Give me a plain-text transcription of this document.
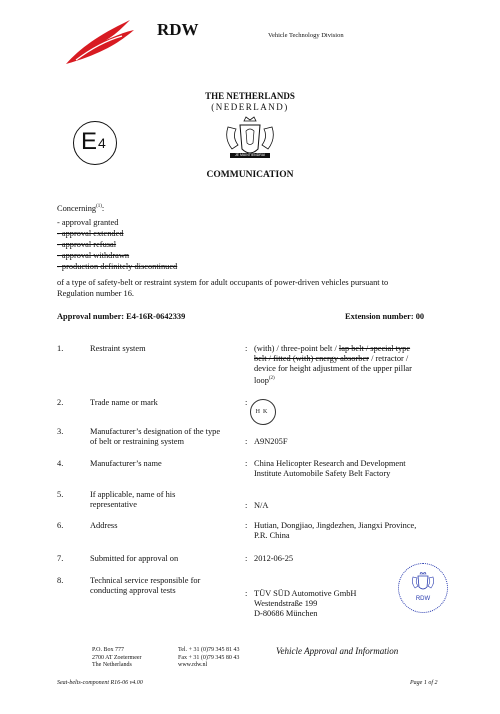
RDW	Vehicle Technology Division
THE NETHERLANDS
(NEDERLAND)
E 4
JE MAINTIENDRAI
COMMUNICATION
Concerning$^{(1)}$:
- approval granted
- approval extended
- approval refusal
- approval withdrawn
- production definitely discontinued
of a type of safety-belt or restraint system for adult occupants of power-driven vehicles pursuant to
Regulation number 16.
Approval number: E4-16R-0642339	Extension number: 00
1.	Restraint system	: (with) / three-point belt / lap belt / special type
belt / fitted (with) energy absorber / retractor /
device for height adjustment of the upper pillar
loop$^{(2)}$
2.	Trade name or mark	:
HK
3.	Manufacturer’s designation of the type
of belt or restraining system	: A9N205F
4.	Manufacturer’s name	: China Helicopter Research and Development
Institute Automobile Safety Belt Factory
5.	If applicable, name of his
representative	: N/A
6.	Address	: Hutian, Dongjiao, Jingdezhen, Jiangxi Province,
P.R. China
7.	Submitted for approval on	: 2012-06-25
8.	Technical service responsible for
conducting approval tests	: TÜV SÜD Automotive GmbH
Westendstraße 199
D-80686 München
RDW
P.O. Box 777
2700 AT Zoetermeer
The Netherlands
Tel. + 31 (0)79 345 81 43
Fax + 31 (0)79 345 80 43
www.rdw.nl
Vehicle Approval and Information
Seat-belts-component R16-06 v4.00	Page 1 of 2
